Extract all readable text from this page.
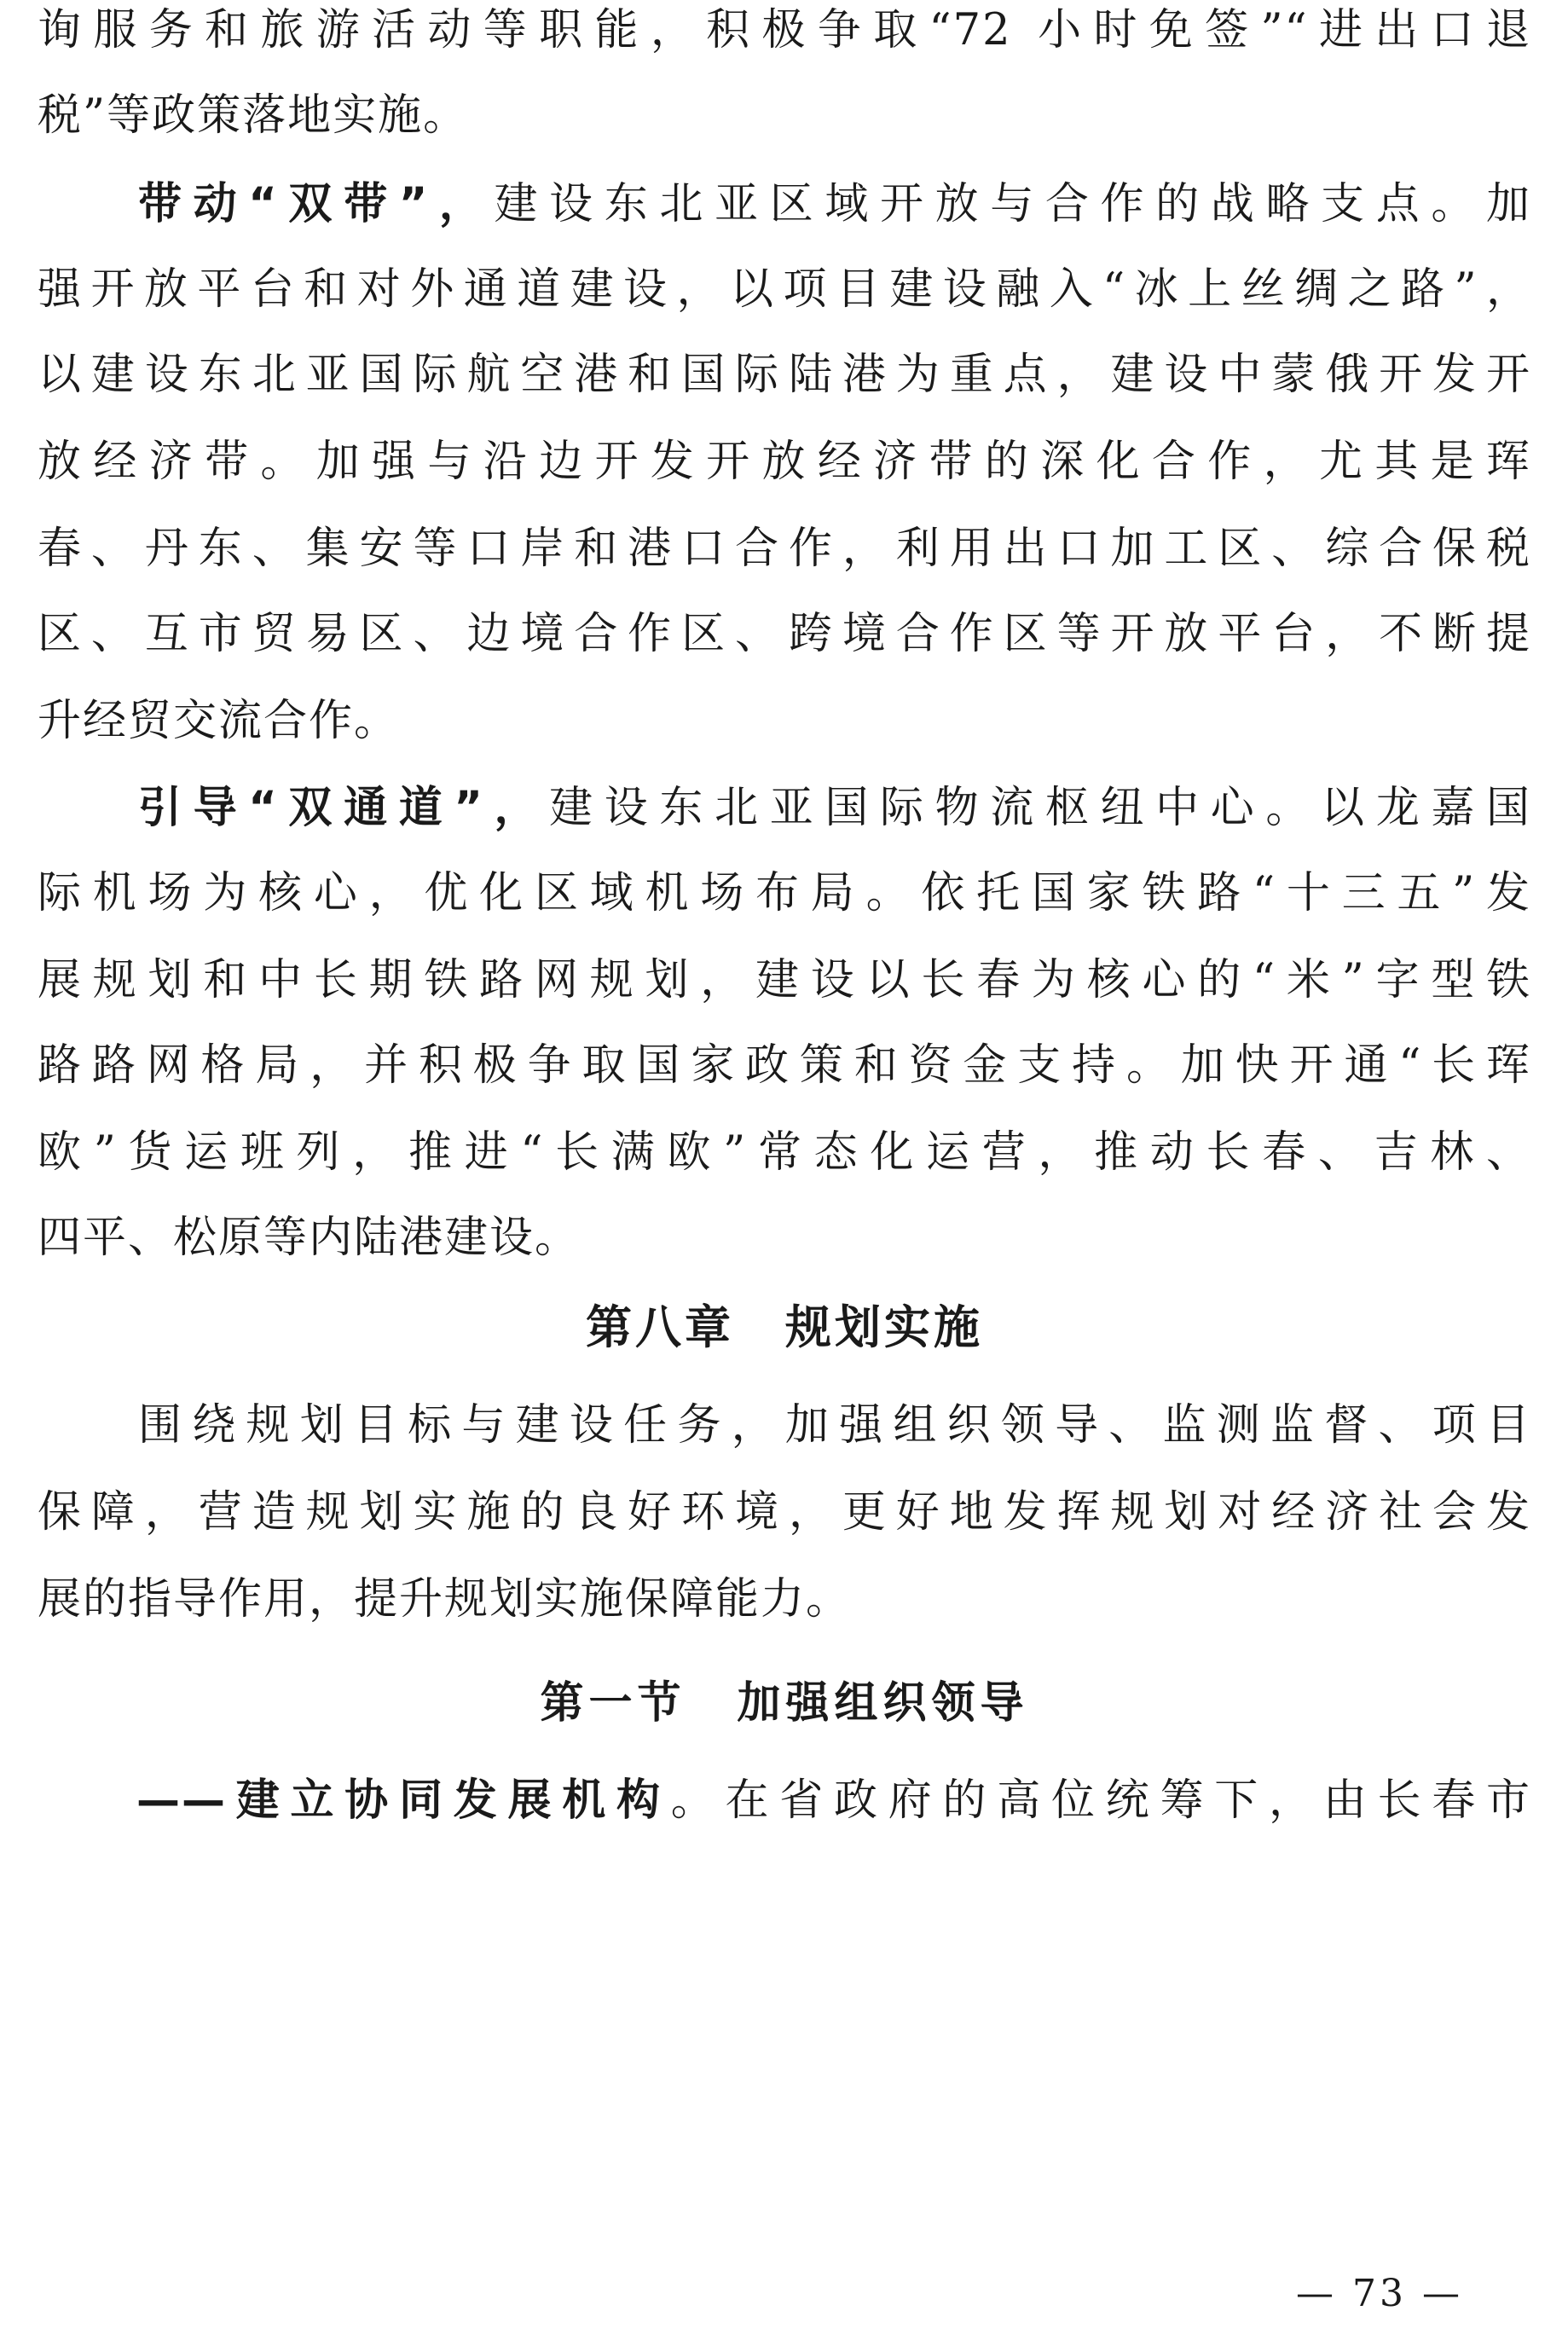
询服务和旅游活动等职能，积极争取“72 小时免签”“进出口退
税”等政策落地实施。
带动“双带”，建设东北亚区域开放与合作的战略支点。加
强开放平台和对外通道建设，以项目建设融入“冰上丝绸之路”，
以建设东北亚国际航空港和国际陆港为重点，建设中蒙俄开发开
放经济带。加强与沿边开发开放经济带的深化合作，尤其是珲
春、丹东、集安等口岸和港口合作，利用出口加工区、综合保税
区、互市贸易区、边境合作区、跨境合作区等开放平台，不断提
升经贸交流合作。
引导“双通道”，建设东北亚国际物流枢纽中心。以龙嘉国
际机场为核心，优化区域机场布局。依托国家铁路“十三五”发
展规划和中长期铁路网规划，建设以长春为核心的“米”字型铁
路路网格局，并积极争取国家政策和资金支持。加快开通“长珲
欧”货运班列，推进“长满欧”常态化运营，推动长春、吉林、
四平、松原等内陆港建设。
第八章 规划实施
围绕规划目标与建设任务，加强组织领导、监测监督、项目
保障，营造规划实施的良好环境，更好地发挥规划对经济社会发
展的指导作用，提升规划实施保障能力。
第一节 加强组织领导
——建立协同发展机构。在省政府的高位统筹下，由长春市
— 73 —
